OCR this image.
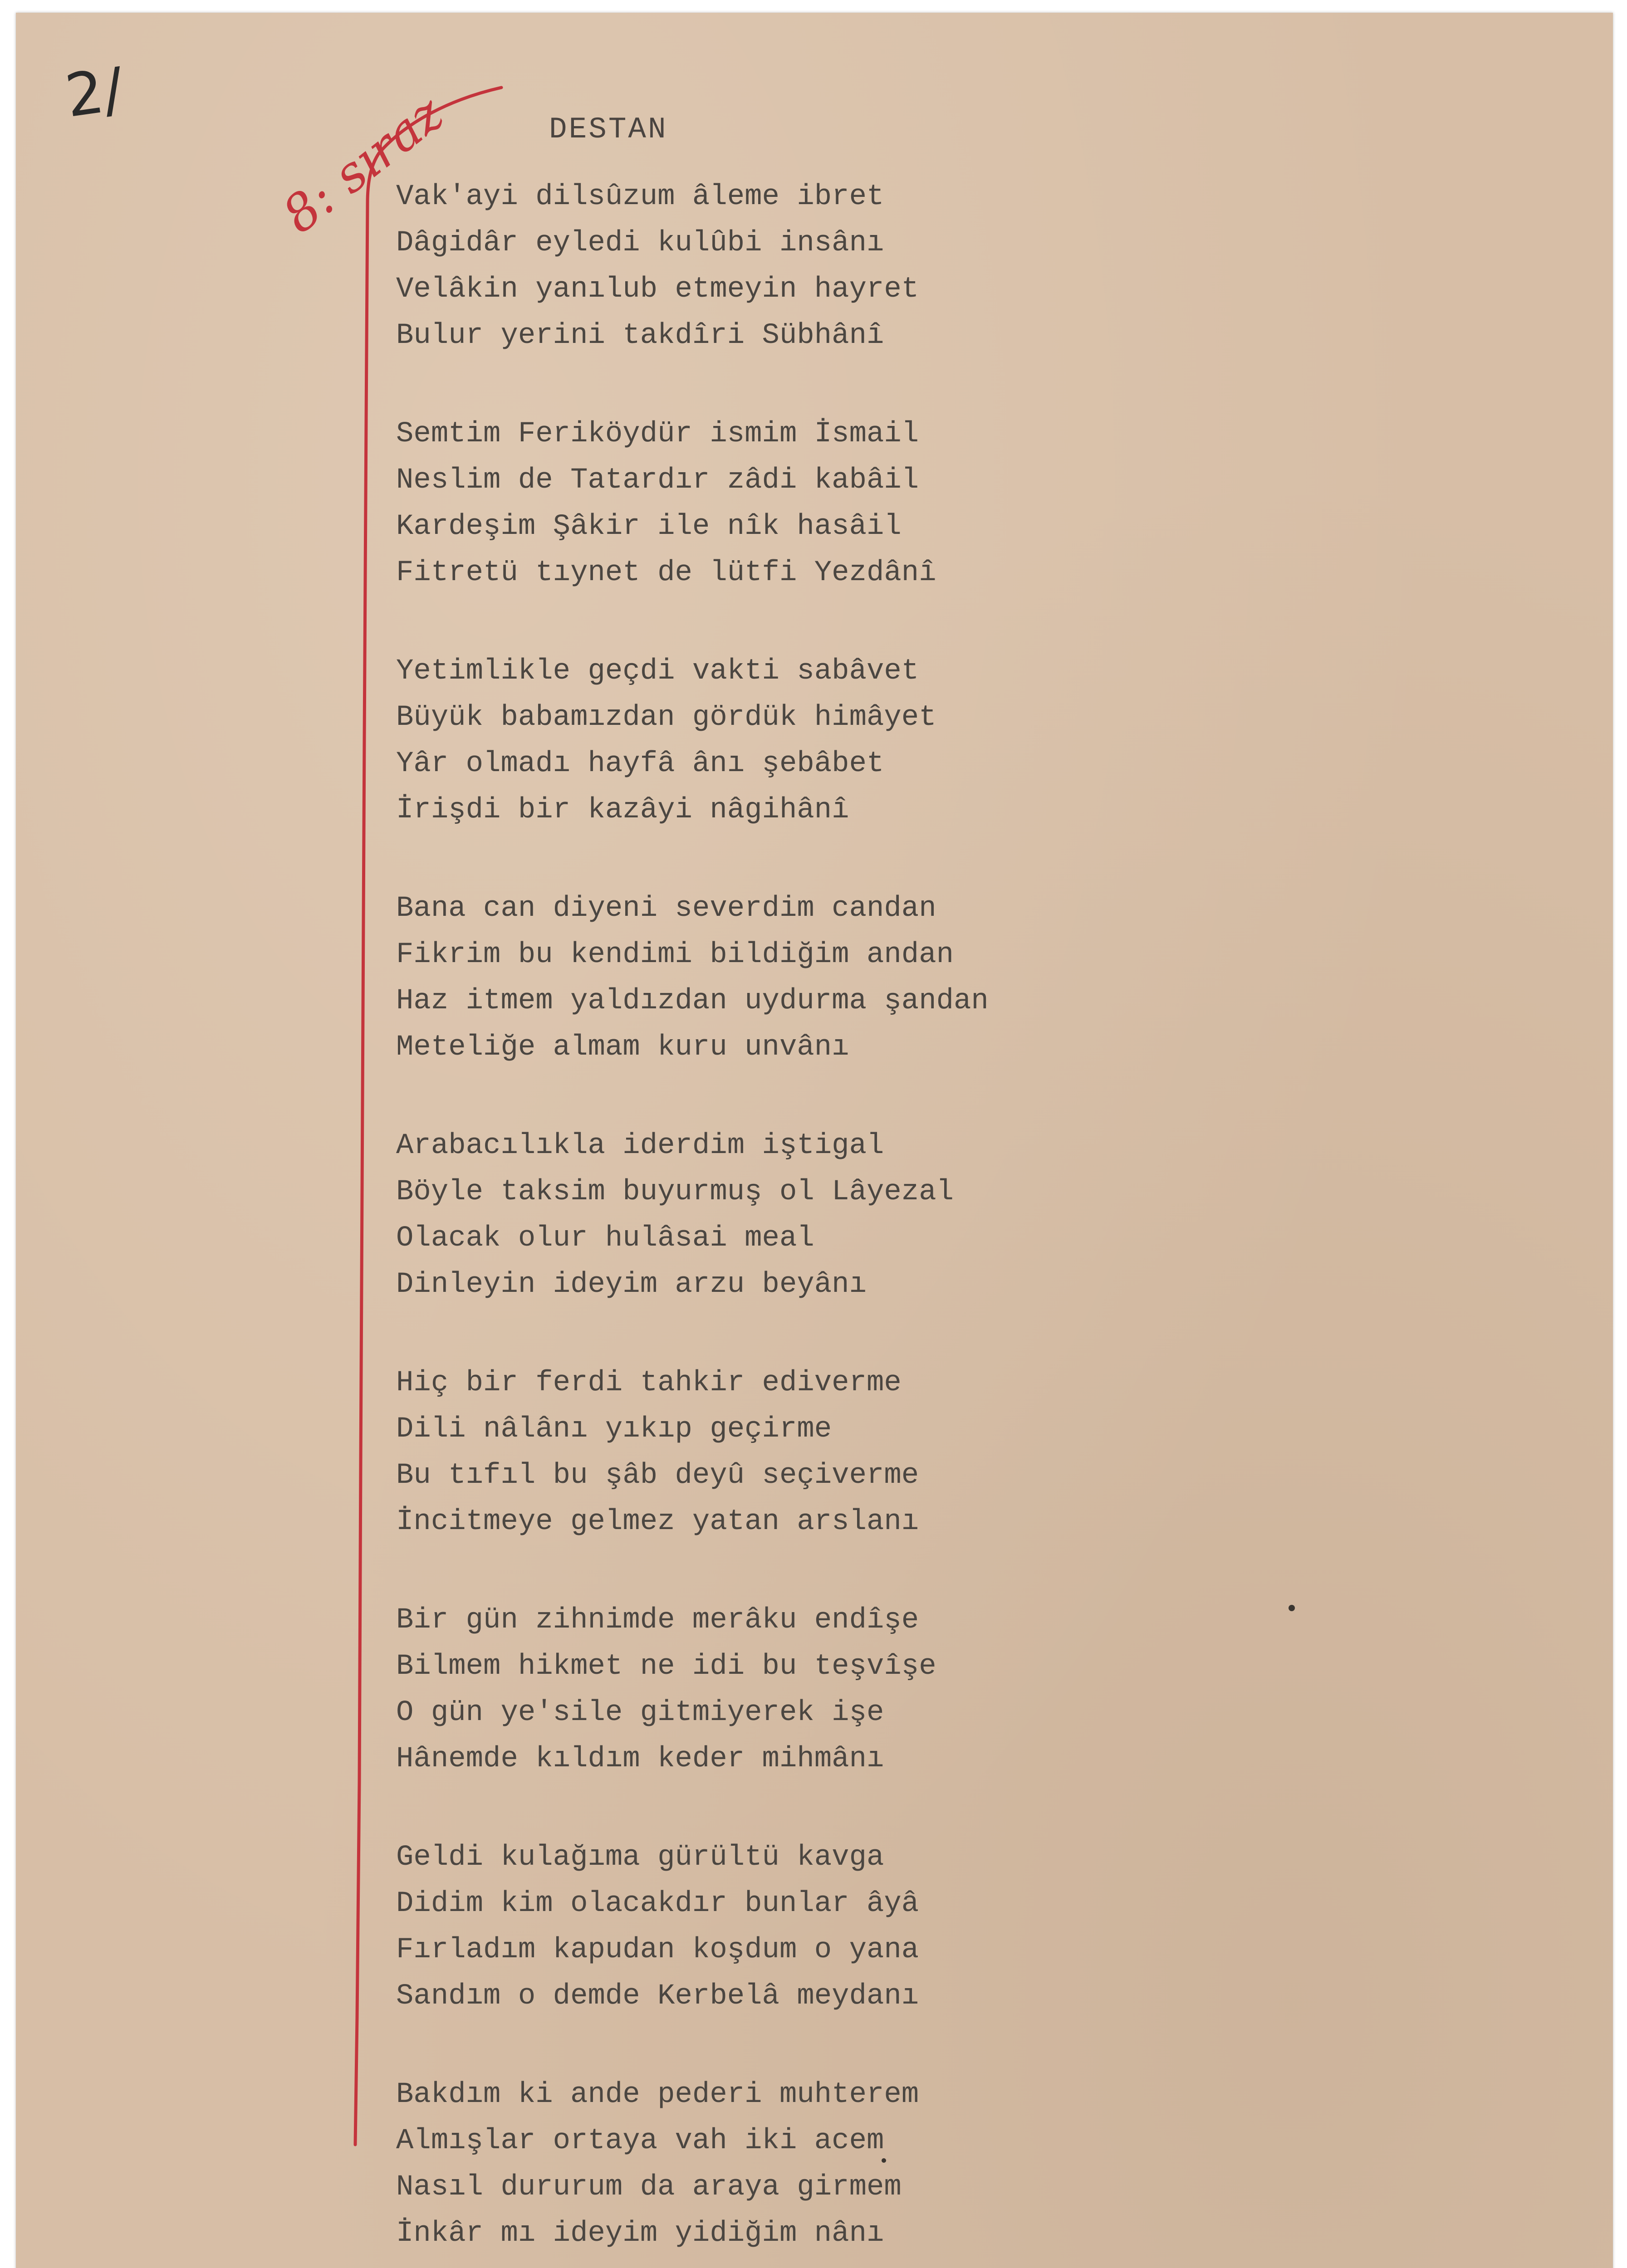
2/	8: sıraz	DESTAN
Vak'ayi dilsûzum âleme ibret
Dâgidâr eyledi kulûbi insânı
Velâkin yanılub etmeyin hayret
Bulur yerini takdîri Sübhânî
Semtim Feriköydür ismim İsmail
Neslim de Tatardır zâdi kabâil
Kardeşim Şâkir ile nîk hasâil
Fitretü tıynet de lütfi Yezdânî
Yetimlikle geçdi vakti sabâvet
Büyük babamızdan gördük himâyet
Yâr olmadı hayfâ ânı şebâbet
İrişdi bir kazâyi nâgihânî
Bana can diyeni severdim candan
Fikrim bu kendimi bildiğim andan
Haz itmem yaldızdan uydurma şandan
Meteliğe almam kuru unvânı
Arabacılıkla iderdim iştigal
Böyle taksim buyurmuş ol Lâyezal
Olacak olur hulâsai meal
Dinleyin ideyim arzu beyânı
Hiç bir ferdi tahkir ediverme
Dili nâlânı yıkıp geçirme
Bu tıfıl bu şâb deyû seçiverme
İncitmeye gelmez yatan arslanı
Bir gün zihnimde merâku endîşe
Bilmem hikmet ne idi bu teşvîşe
O gün ye'sile gitmiyerek işe
Hânemde kıldım keder mihmânı
Geldi kulağıma gürültü kavga
Didim kim olacakdır bunlar âyâ
Fırladım kapudan koşdum o yana
Sandım o demde Kerbelâ meydanı
Bakdım ki ande pederi muhterem
Almışlar ortaya vah iki acem
Nasıl dururum da araya girmem
İnkâr mı ideyim yidiğim nânı
